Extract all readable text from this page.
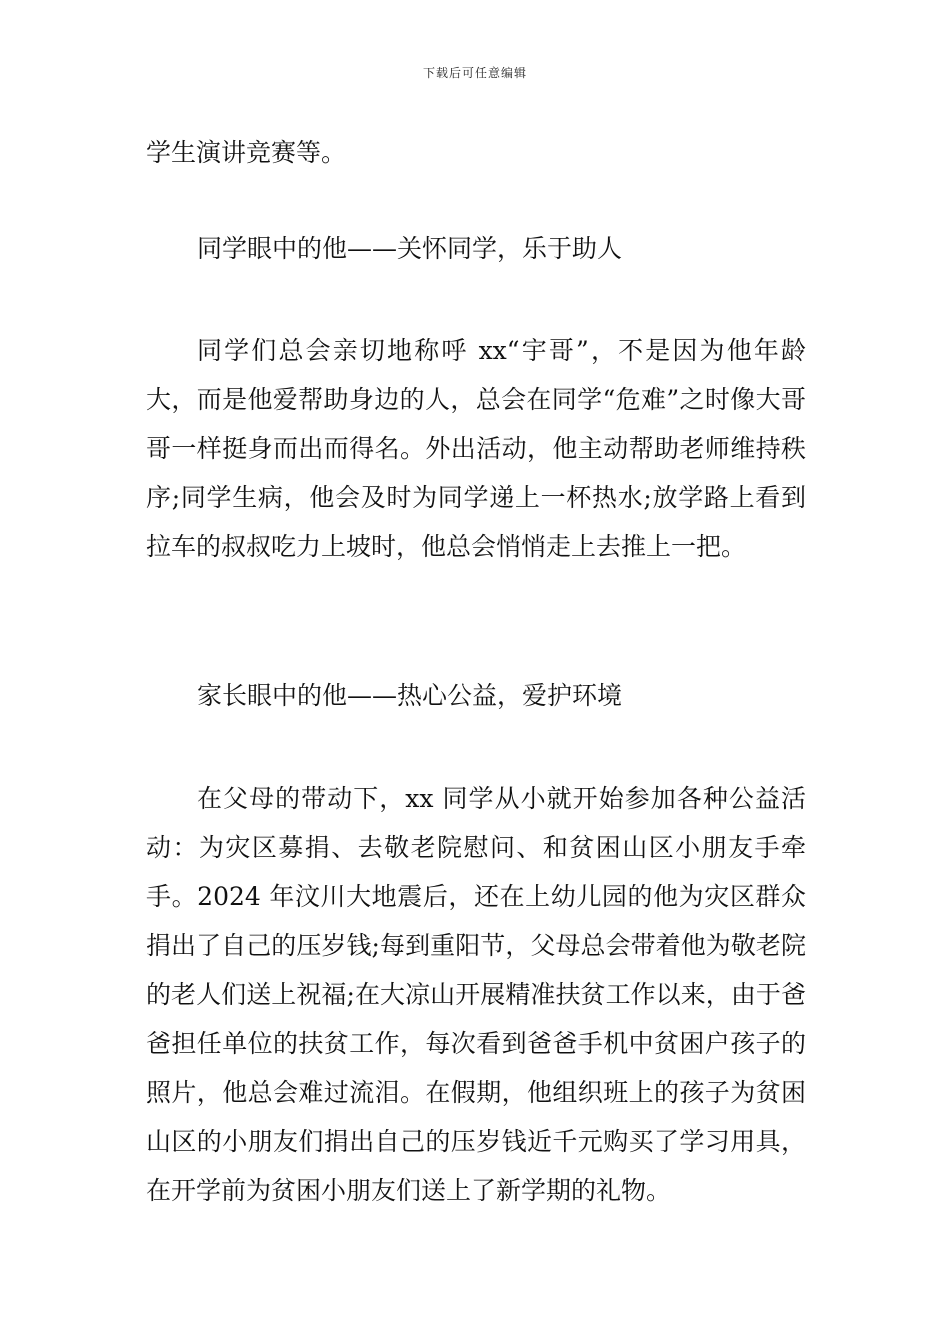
下载后可任意编辑

学生演讲竞赛等。

同学眼中的他——关怀同学，乐于助人

同学们总会亲切地称呼 xx“宇哥”，不是因为他年龄大，而是他爱帮助身边的人，总会在同学“危难”之时像大哥哥一样挺身而出而得名。外出活动，他主动帮助老师维持秩序;同学生病，他会及时为同学递上一杯热水;放学路上看到拉车的叔叔吃力上坡时，他总会悄悄走上去推上一把。

家长眼中的他——热心公益，爱护环境

在父母的带动下，xx 同学从小就开始参加各种公益活动：为灾区募捐、去敬老院慰问、和贫困山区小朋友手牵手。2024 年汶川大地震后，还在上幼儿园的他为灾区群众捐出了自己的压岁钱;每到重阳节，父母总会带着他为敬老院的老人们送上祝福;在大凉山开展精准扶贫工作以来，由于爸爸担任单位的扶贫工作，每次看到爸爸手机中贫困户孩子的照片，他总会难过流泪。在假期，他组织班上的孩子为贫困山区的小朋友们捐出自己的压岁钱近千元购买了学习用具，在开学前为贫困小朋友们送上了新学期的礼物。
